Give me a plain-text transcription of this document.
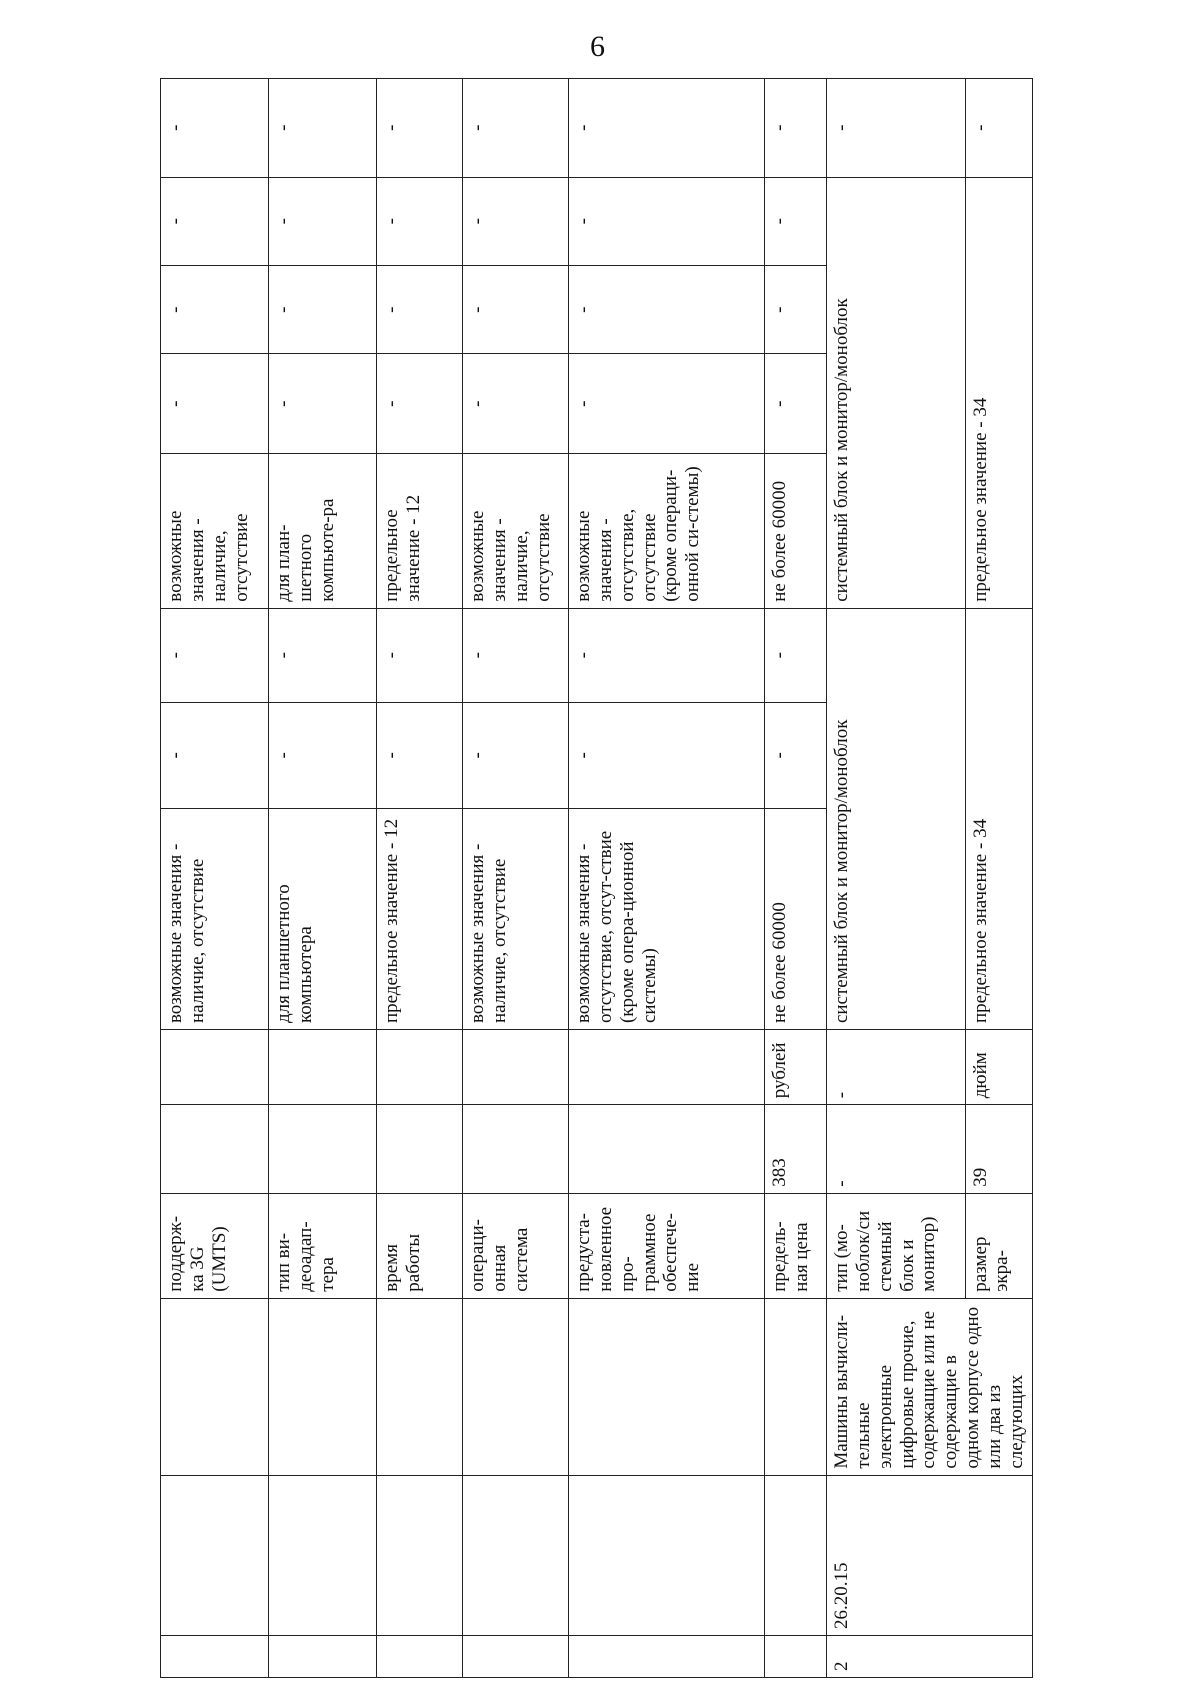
6
			поддерж-ка 3G (UMTS)			возможные значения - наличие, отсутствие	-	-	возможные значения - наличие, отсутствие	-	-	-	-
			тип ви-деоадап-тера			для планшетного компьютера	-	-	для план-шетного компьюте-ра	-	-	-	-
			время работы			предельное значение - 12	-	-	предельное значение - 12	-	-	-	-
			операци-онная система			возможные значения - наличие, отсутствие	-	-	возможные значения - наличие, отсутствие	-	-	-	-
			предуста-новленное про-граммное обеспече-ние			возможные значения - отсутствие, отсут-ствие (кроме опера-ционной системы)	-	-	возможные значения - отсутствие, отсутствие (кроме операци-онной си-стемы)	-	-	-	-
			предель-ная цена	383	рублей	не более 60000	-	-	не более 60000	-	-	-	-
2	26.20.15	Машины вычисли-тельные электронные цифровые прочие, содержащие или не содержащие в одном корпусе одно или два из следующих	тип (мо-ноблок/си стемный блок и монитор)	-	-	системный блок и монитор/моноблок			системный блок и монитор/моноблок				-
			размер экра-	39	дюйм	предельное значение - 34			предельное значение - 34				-
